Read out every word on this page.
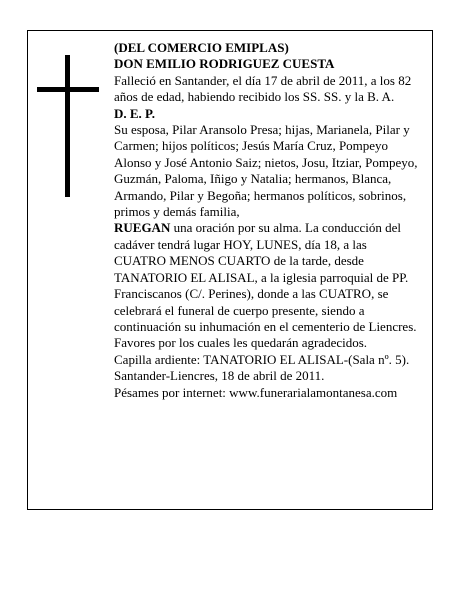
(DEL COMERCIO EMIPLAS)

DON EMILIO RODRIGUEZ CUESTA

Falleció en Santander, el día 17 de abril de 2011, a los 82 años de edad, habiendo recibido los SS. SS. y la B. A.

D. E. P.

Su esposa, Pilar Aransolo Presa; hijas, Marianela, Pilar y Carmen; hijos políticos; Jesús María Cruz, Pompeyo Alonso y José Antonio Saiz; nietos, Josu, Itziar, Pompeyo, Guzmán, Paloma, Iñigo y Natalia; hermanos, Blanca, Armando, Pilar y Begoña; hermanos políticos, sobrinos, primos y demás familia,

RUEGAN una oración por su alma. La conducción del cadáver tendrá lugar HOY, LUNES, día 18, a las CUATRO MENOS CUARTO de la tarde, desde TANATORIO EL ALISAL, a la iglesia parroquial de PP. Franciscanos (C/. Perines), donde a las CUATRO, se celebrará el funeral de cuerpo presente, siendo a continuación su inhumación en el cementerio de Liencres. Favores por los cuales les quedarán agradecidos.

Capilla ardiente: TANATORIO EL ALISAL-(Sala nº. 5).

Santander-Liencres, 18 de abril de 2011.

Pésames por internet: www.funerarialamontanesa.com
